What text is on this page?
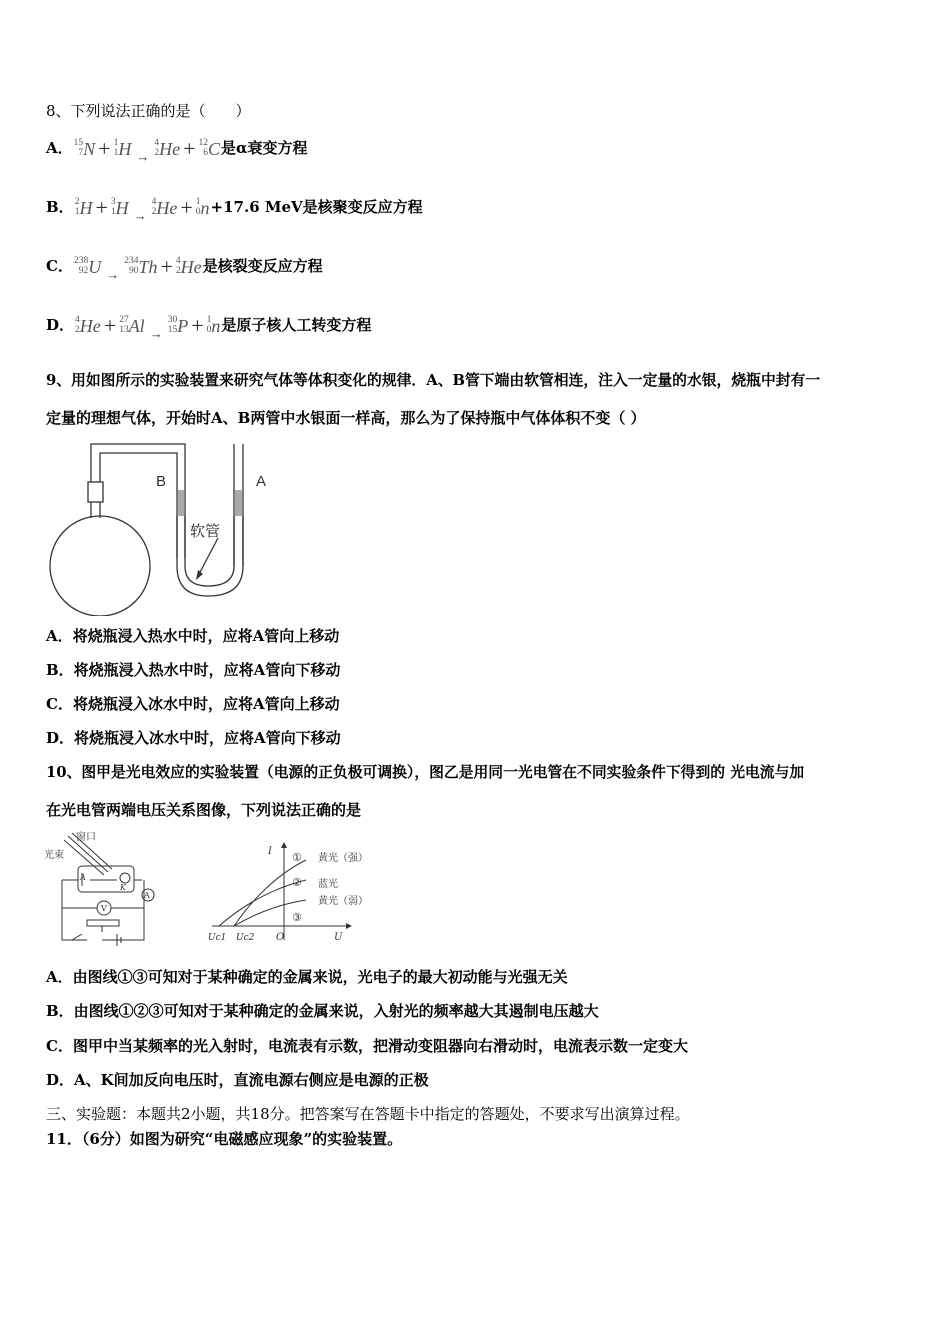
8、下列说法正确的是（　　）
A． 15
7 N + 1
1 H →
4
2 He + 12
6 C是α衰变方程
B． 2
1 H + 3
1 H →
4
2 He + 1
0 n+17.6 MeV是核聚变反应方程
C． 238
92 U →
234
90 Th + 4
2 He是核裂变反应方程
D． 4
2 He + 27
13 Al →
30
15 P + 1
0 n是原子核人工转变方程
9、用如图所示的实验装置来研究气体等体积变化的规律．A、B管下端由软管相连，注入一定量的水银，烧瓶中封有一
定量的理想气体，开始时A、B两管中水银面一样高，那么为了保持瓶中气体体积不变（ ）
B	A
软管
A．将烧瓶浸入热水中时，应将A管向上移动
B．将烧瓶浸入热水中时，应将A管向下移动
C．将烧瓶浸入冰水中时，应将A管向上移动
D．将烧瓶浸入冰水中时，应将A管向下移动
10、图甲是光电效应的实验装置（电源的正负极可调换），图乙是用同一光电管在不同实验条件下得到的 光电流与加
在光电管两端电压关系图像，下列说法正确的是
窗口
光束
A
K
A
V
I
U
O
Uc1 Uc2
① 黄光（强）
② 蓝光
③
黄光（弱）
A．由图线①③可知对于某种确定的金属来说，光电子的最大初动能与光强无关
B．由图线①②③可知对于某种确定的金属来说，入射光的频率越大其遏制电压越大
C．图甲中当某频率的光入射时，电流表有示数，把滑动变阻器向右滑动时，电流表示数一定变大
D．A、K间加反向电压时，直流电源右侧应是电源的正极
三、实验题：本题共2小题，共18分。把答案写在答题卡中指定的答题处，不要求写出演算过程。
11．（6分）如图为研究“电磁感应现象”的实验装置。
